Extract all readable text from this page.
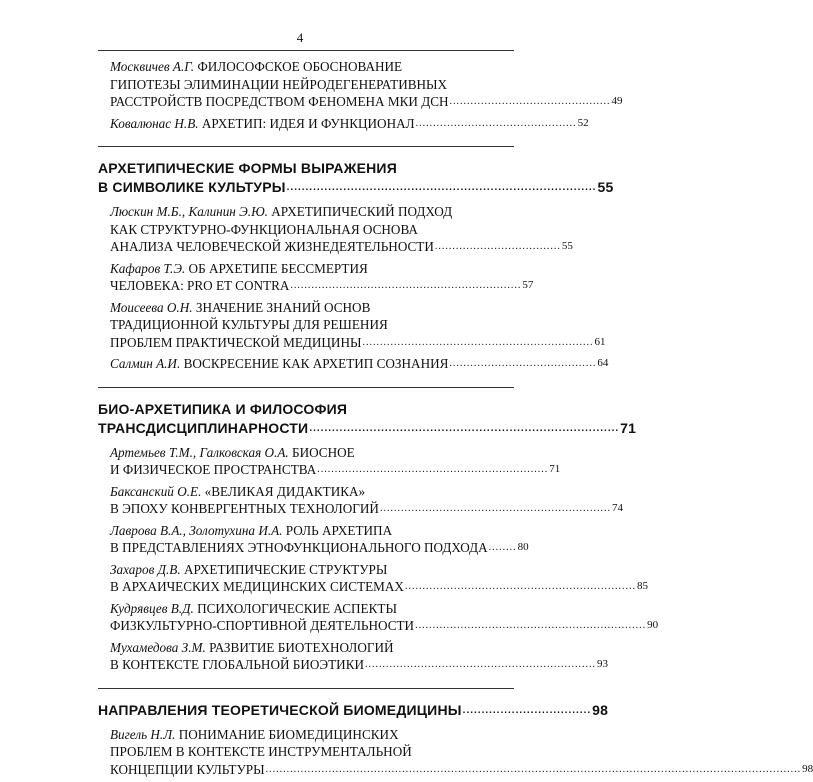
4
Москвичев А.Г. ФИЛОСОФСКОЕ ОБОСНОВАНИЕ
ГИПОТЕЗЫ ЭЛИМИНАЦИИ НЕЙРОДЕГЕНЕРАТИВНЫХ
РАССТРОЙСТВ ПОСРЕДСТВОМ ФЕНОМЕНА МКИ ДСН .............................................. 49
Ковалюнас Н.В. АРХЕТИП: ИДЕЯ И ФУНКЦИОНАЛ .............................................. 52
АРХЕТИПИЧЕСКИЕ ФОРМЫ ВЫРАЖЕНИЯ
В СИМВОЛИКЕ КУЛЬТУРЫ .................................................................................. 55
Люскин М.Б., Калинин Э.Ю. АРХЕТИПИЧЕСКИЙ ПОДХОД
КАК СТРУКТУРНО-ФУНКЦИОНАЛЬНАЯ ОСНОВА
АНАЛИЗА ЧЕЛОВЕЧЕСКОЙ ЖИЗНЕДЕЯТЕЛЬНОСТИ .................................... 55
Кафаров Т.Э. ОБ АРХЕТИПЕ БЕССМЕРТИЯ
ЧЕЛОВЕКА: PRO ET CONTRA .................................................................. 57
Моисеева О.Н. ЗНАЧЕНИЕ ЗНАНИЙ ОСНОВ
ТРАДИЦИОННОЙ КУЛЬТУРЫ ДЛЯ РЕШЕНИЯ
ПРОБЛЕМ ПРАКТИЧЕСКОЙ МЕДИЦИНЫ .................................................................. 61
Салмин А.И. ВОСКРЕСЕНИЕ КАК АРХЕТИП СОЗНАНИЯ .......................................... 64
БИО-АРХЕТИПИКА И ФИЛОСОФИЯ
ТРАНСДИСЦИПЛИНАРНОСТИ .................................................................................. 71
Артемьев Т.М., Галковская О.А. БИОСНОЕ
И ФИЗИЧЕСКОЕ ПРОСТРАНСТВА .................................................................. 71
Баксанский О.Е. «ВЕЛИКАЯ ДИДАКТИКА»
В ЭПОХУ КОНВЕРГЕНТНЫХ ТЕХНОЛОГИЙ .................................................................. 74
Лаврова В.А., Золотухина И.А. РОЛЬ АРХЕТИПА
В ПРЕДСТАВЛЕНИЯХ ЭТНОФУНКЦИОНАЛЬНОГО ПОДХОДА ........ 80
Захаров Д.В. АРХЕТИПИЧЕСКИЕ СТРУКТУРЫ
В АРХАИЧЕСКИХ МЕДИЦИНСКИХ СИСТЕМАХ .................................................................. 85
Кудрявцев В.Д. ПСИХОЛОГИЧЕСКИЕ АСПЕКТЫ
ФИЗКУЛЬТУРНО-СПОРТИВНОЙ ДЕЯТЕЛЬНОСТИ .................................................................. 90
Мухамедова З.М. РАЗВИТИЕ БИОТЕХНОЛОГИЙ
В КОНТЕКСТЕ ГЛОБАЛЬНОЙ БИОЭТИКИ .................................................................. 93
НАПРАВЛЕНИЯ ТЕОРЕТИЧЕСКОЙ БИОМЕДИЦИНЫ .................................. 98
Вигель Н.Л. ПОНИМАНИЕ БИОМЕДИЦИНСКИХ
ПРОБЛЕМ В КОНТЕКСТЕ ИНСТРУМЕНТАЛЬНОЙ
КОНЦЕПЦИИ КУЛЬТУРЫ ......................................................................................................................................................... 98
